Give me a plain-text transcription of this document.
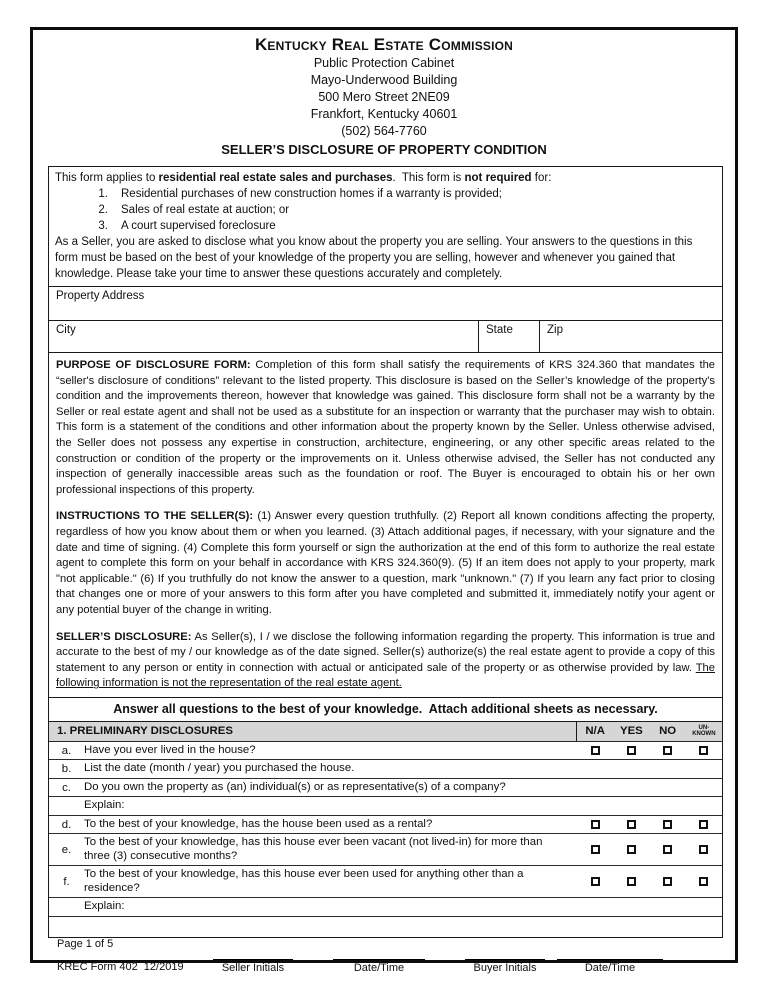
Kentucky Real Estate Commission
Public Protection Cabinet
Mayo-Underwood Building
500 Mero Street 2NE09
Frankfort, Kentucky 40601
(502) 564-7760
SELLER’S DISCLOSURE OF PROPERTY CONDITION
This form applies to residential real estate sales and purchases.  This form is not required for:
1. Residential purchases of new construction homes if a warranty is provided;
2. Sales of real estate at auction; or
3. A court supervised foreclosure
As a Seller, you are asked to disclose what you know about the property you are selling. Your answers to the questions in this form must be based on the best of your knowledge of the property you are selling, however and whenever you gained that knowledge. Please take your time to answer these questions accurately and completely.
Property Address
City	State	Zip

PURPOSE OF DISCLOSURE FORM: Completion of this form shall satisfy the requirements of KRS 324.360 that mandates the “seller's disclosure of conditions” relevant to the listed property. This disclosure is based on the Seller’s knowledge of the property's condition and the improvements thereon, however that knowledge was gained. This disclosure form shall not be a warranty by the Seller or real estate agent and shall not be used as a substitute for an inspection or warranty that the purchaser may wish to obtain. This form is a statement of the conditions and other information about the property known by the Seller. Unless otherwise advised, the Seller does not possess any expertise in construction, architecture, engineering, or any other specific areas related to the construction or condition of the property or the improvements on it. Unless otherwise advised, the Seller has not conducted any inspection of generally inaccessible areas such as the foundation or roof. The Buyer is encouraged to obtain his or her own professional inspections of this property.

INSTRUCTIONS TO THE SELLER(S): (1) Answer every question truthfully. (2) Report all known conditions affecting the property, regardless of how you know about them or when you learned. (3) Attach additional pages, if necessary, with your signature and the date and time of signing. (4) Complete this form yourself or sign the authorization at the end of this form to authorize the real estate agent to complete this form on your behalf in accordance with KRS 324.360(9). (5) If an item does not apply to your property, mark "not applicable." (6) If you truthfully do not know the answer to a question, mark "unknown." (7) If you learn any fact prior to closing that changes one or more of your answers to this form after you have completed and submitted it, immediately notify your agent or any potential buyer of the change in writing.

SELLER’S DISCLOSURE: As Seller(s), I / we disclose the following information regarding the property. This information is true and accurate to the best of my / our knowledge as of the date signed. Seller(s) authorize(s) the real estate agent to provide a copy of this statement to any person or entity in connection with actual or anticipated sale of the property or as otherwise provided by law. The following information is not the representation of the real estate agent.

Answer all questions to the best of your knowledge.  Attach additional sheets as necessary.
1. PRELIMINARY DISCLOSURES	N/A	YES	NO	UN-
KNOWN
a.	Have you ever lived in the house?
b.	List the date (month / year) you purchased the house.
c.	Do you own the property as (an) individual(s) or as representative(s) of a company?
Explain:
d.	To the best of your knowledge, has the house been used as a rental?
e.
To the best of your knowledge, has this house ever been vacant (not lived-in) for more than three (3) consecutive months?
f.
To the best of your knowledge, has this house ever been used for anything other than a residence?
Explain:
Page 1 of 5
KREC Form 402  12/2019	Seller Initials	Date/Time	Buyer Initials	Date/Time
